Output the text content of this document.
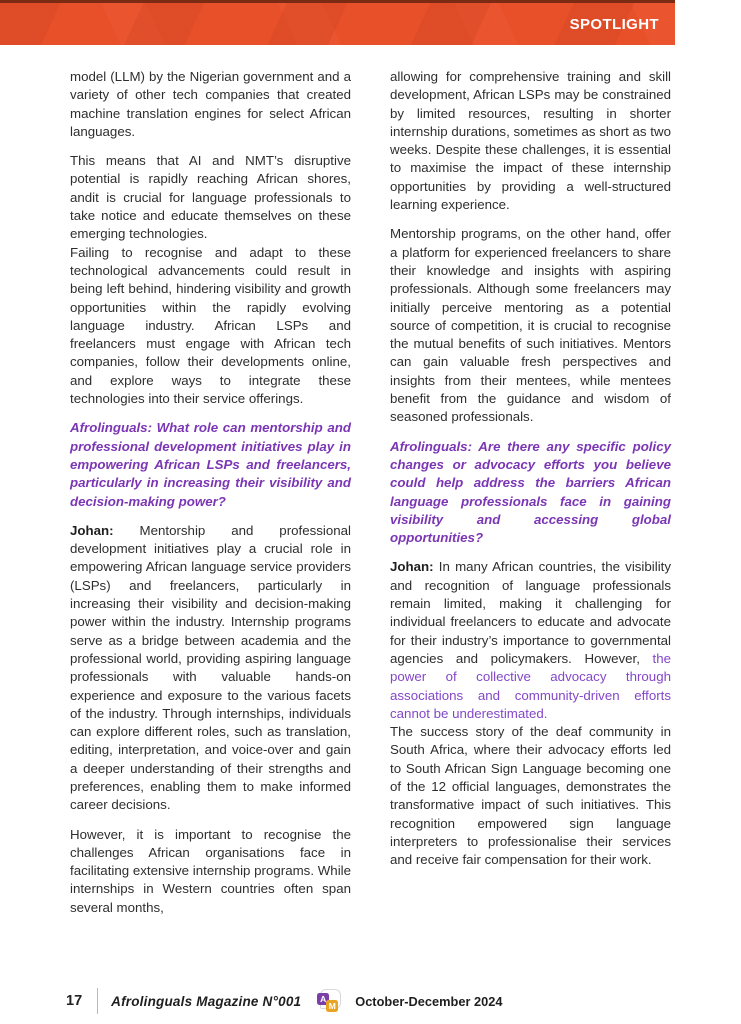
SPOTLIGHT

model (LLM) by the Nigerian government and a variety of other tech companies that created machine translation engines for select African languages.

This means that AI and NMT’s disruptive potential is rapidly reaching African shores, andit is crucial for language professionals to take notice and educate themselves on these emerging technologies.
Failing to recognise and adapt to these technological advancements could result in being left behind, hindering visibility and growth opportunities within the rapidly evolving language industry. African LSPs and freelancers must engage with African tech companies, follow their developments online, and explore ways to integrate these technologies into their service offerings.

Afrolinguals: What role can mentorship and professional development initiatives play in empowering African LSPs and freelancers, particularly in increasing their visibility and decision-making power?

Johan: Mentorship and professional development initiatives play a crucial role in empowering African language service providers (LSPs) and freelancers, particularly in increasing their visibility and decision-making power within the industry. Internship programs serve as a bridge between academia and the professional world, providing aspiring language professionals with valuable hands-on experience and exposure to the various facets of the industry. Through internships, individuals can explore different roles, such as translation, editing, interpretation, and voice-over and gain a deeper understanding of their strengths and preferences, enabling them to make informed career decisions.

However, it is important to recognise the challenges African organisations face in facilitating extensive internship programs. While internships in Western countries often span several months,

allowing for comprehensive training and skill development, African LSPs may be constrained by limited resources, resulting in shorter internship durations, sometimes as short as two weeks. Despite these challenges, it is essential to maximise the impact of these internship opportunities by providing a well-structured learning experience.

Mentorship programs, on the other hand, offer a platform for experienced freelancers to share their knowledge and insights with aspiring professionals. Although some freelancers may initially perceive mentoring as a potential source of competition, it is crucial to recognise the mutual benefits of such initiatives. Mentors can gain valuable fresh perspectives and insights from their mentees, while mentees benefit from the guidance and wisdom of seasoned professionals.

Afrolinguals: Are there any specific policy changes or advocacy efforts you believe could help address the barriers African language professionals face in gaining visibility and accessing global opportunities?

Johan: In many African countries, the visibility and recognition of language professionals remain limited, making it challenging for individual freelancers to educate and advocate for their industry’s importance to governmental agencies and policymakers. However, the power of collective advocacy through associations and community-driven efforts cannot be underestimated.
The success story of the deaf community in South Africa, where their advocacy efforts led to South African Sign Language becoming one of the 12 official languages, demonstrates the transformative impact of such initiatives. This recognition empowered sign language interpreters to professionalise their services and receive fair compensation for their work.
17 Afrolinguals Magazine N°001	A
M October-December 2024
